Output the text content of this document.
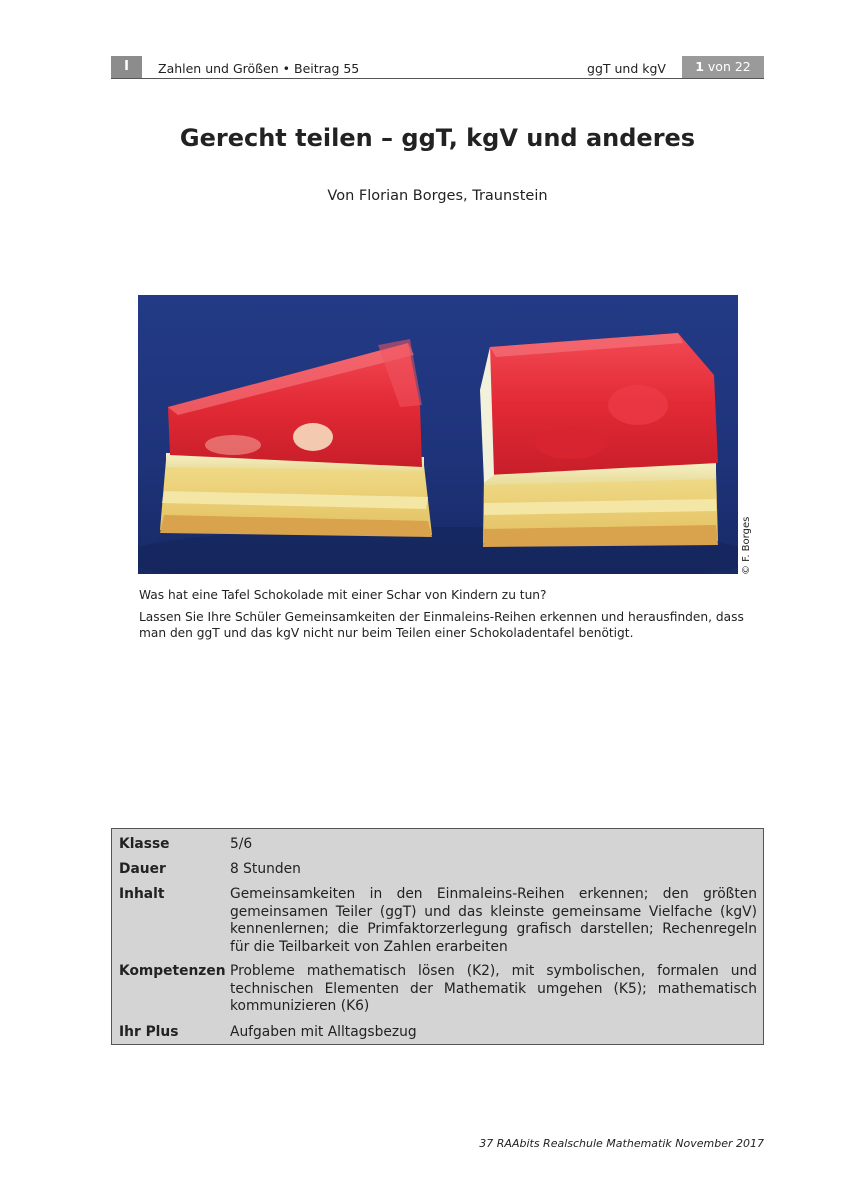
I	Zahlen und Größen • Beitrag 55	ggT und kgV	1 von 22
Gerecht teilen – ggT, kgV und anderes
Von Florian Borges, Traunstein
© F. Borges
Was hat eine Tafel Schokolade mit einer Schar von Kindern zu tun?
Lassen Sie Ihre Schüler Gemeinsamkeiten der Einmaleins-Reihen erkennen und herausfinden, dass man den ggT und das kgV nicht nur beim Teilen einer Schokoladentafel benötigt.
Klasse	5/6
Dauer	8 Stunden
Inhalt	Gemeinsamkeiten in den Einmaleins-Reihen erkennen; den größten gemeinsamen Teiler (ggT) und das kleinste gemeinsame Vielfache (kgV) kennenlernen; die Primfaktorzerlegung grafisch darstellen; Rechenregeln für die Teilbarkeit von Zahlen erarbeiten
Kompetenzen Probleme mathematisch lösen (K2), mit symbolischen, formalen und technischen Elementen der Mathematik umgehen (K5); mathematisch kommunizieren (K6)
Ihr Plus	Aufgaben mit Alltagsbezug
37 RAAbits Realschule Mathematik November 2017
